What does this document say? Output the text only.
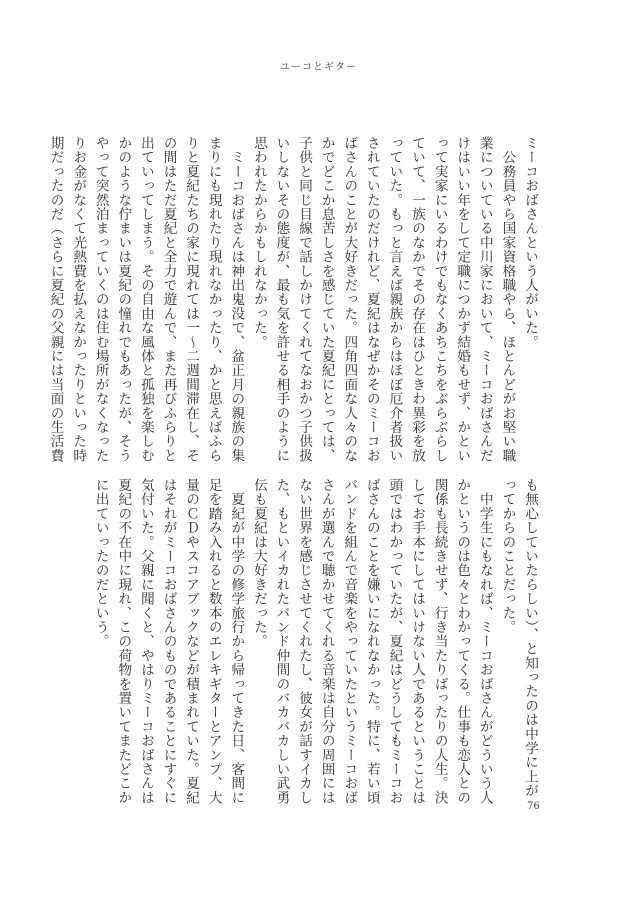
ユーコとギター
ミーコおばさんという人がいた。
　公務員やら国家資格職やら、ほとんどがお堅い職
業についている中川家において、ミーコおばさんだ
けはいい年をして定職につかず結婚もせず、かとい
って実家にいるわけでもなくあちこちをぶらぶらし
ていて、一族のなかでその存在はひときわ異彩を放
っていた。もっと言えば親族からはほぼ厄介者扱い
されていたのだけれど、夏紀はなぜかそのミーコお
ばさんのことが大好きだった。四角四面な人々のな
かでどこか息苦しさを感じていた夏紀にとっては、
子供と同じ目線で話しかけてくれてなおかつ子供扱
いしないその態度が、最も気を許せる相手のように
思われたからかもしれなかった。
　ミーコおばさんは神出鬼没で、盆正月の親族の集
まりにも現れたり現れなかったり、かと思えばふら
りと夏紀たちの家に現れては一〜二週間滞在し、そ
の間はただ夏紀と全力で遊んで、また再びふらりと
出ていってしまう。その自由な風体と孤独を楽しむ
かのような佇まいは夏紀の憧れでもあったが、そう
やって突然泊まっていくのは住む場所がなくなった
りお金がなくて光熱費を払えなかったりといった時
期だったのだ（さらに夏紀の父親には当面の生活費
も無心していたらしい）、と知ったのは中学に上が
ってからのことだった。
　中学生にもなれば、ミーコおばさんがどういう人
かというのは色々とわかってくる。仕事も恋人との
関係も長続きせず、行き当たりばったりの人生。決
してお手本にしてはいけない人であるということは
頭ではわかっていたが、夏紀はどうしてもミーコお
ばさんのことを嫌いになれなかった。特に、若い頃
バンドを組んで音楽をやっていたというミーコおば
さんが選んで聴かせてくれる音楽は自分の周囲には
ない世界を感じさせてくれたし、彼女が話すイカし
た、もといイカれたバンド仲間のバカバカしい武勇
伝も夏紀は大好きだった。
　夏紀が中学の修学旅行から帰ってきた日、客間に
足を踏み入れると数本のエレキギターとアンプ、大
量のＣＤやスコアブックなどが積まれていた。夏紀
はそれがミーコおばさんのものであることにすぐに
気付いた。父親に聞くと、やはりミーコおばさんは
夏紀の不在中に現れ、この荷物を置いてまたどこか
に出ていったのだという。
76
